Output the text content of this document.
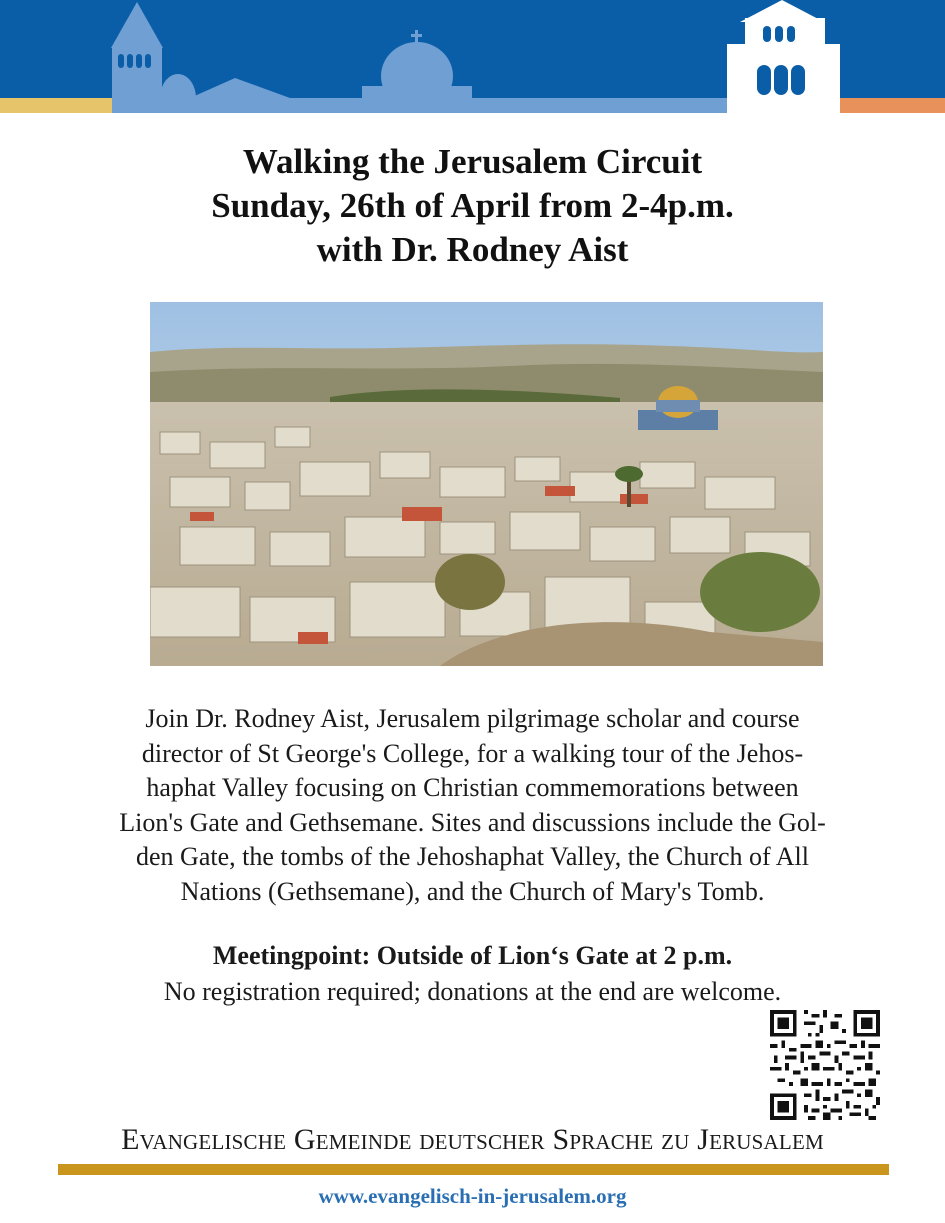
Walking the Jerusalem Circuit
Sunday, 26th of April from 2-4p.m.
with Dr. Rodney Aist
Join Dr. Rodney Aist, Jerusalem pilgrimage scholar and course
director of St George's College, for a walking tour of the Jehos-
haphat Valley focusing on Christian commemorations between
Lion's Gate and Gethsemane. Sites and discussions include the Gol-
den Gate, the tombs of the Jehoshaphat Valley, the Church of All
Nations (Gethsemane), and the Church of Mary's Tomb.
Meetingpoint: Outside of Lion‘s Gate at 2 p.m.
No registration required; donations at the end are welcome.
Evangelische Gemeinde deutscher Sprache zu Jerusalem
www.evangelisch-in-jerusalem.org
